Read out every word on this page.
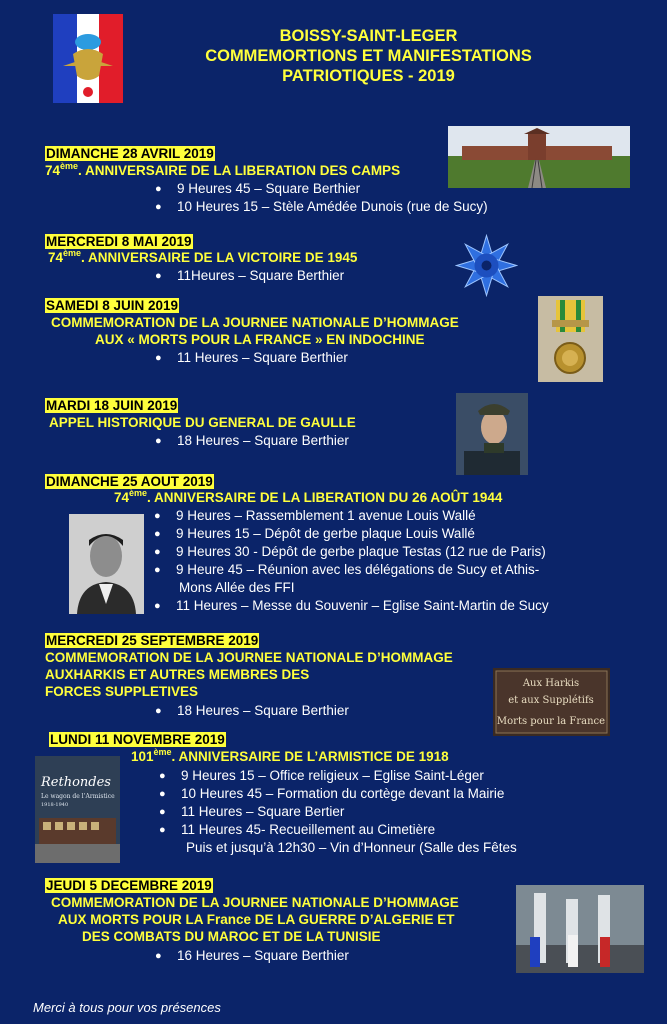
UNC
BOISSY-SAINT-LEGER
COMMEMORTIONS ET MANIFESTATIONS
PATRIOTIQUES - 2019
DIMANCHE 28 AVRIL 2019
74ème. ANNIVERSAIRE DE LA LIBERATION DES CAMPS
● 9 Heures 45 – Square Berthier
● 10 Heures 15 – Stèle Amédée Dunois (rue de Sucy)
MERCREDI 8 MAI 2019
74ème. ANNIVERSAIRE DE LA VICTOIRE DE 1945
● 11Heures – Square Berthier
SAMEDI 8 JUIN 2019
COMMEMORATION DE LA JOURNEE NATIONALE D’HOMMAGE
AUX « MORTS POUR LA FRANCE » EN INDOCHINE
● 11 Heures – Square Berthier
MARDI 18 JUIN 2019
APPEL HISTORIQUE DU GENERAL DE GAULLE
● 18 Heures – Square Berthier
DIMANCHE 25 AOUT 2019
74ème. ANNIVERSAIRE DE LA LIBERATION DU 26 AOÛT 1944
● 9 Heures – Rassemblement 1 avenue Louis Wallé
● 9 Heures 15 – Dépôt de gerbe plaque Louis Wallé
● 9 Heures 30 - Dépôt de gerbe plaque Testas (12 rue de Paris)
● 9 Heure 45 – Réunion avec les délégations de Sucy et Athis-
Mons Allée des FFI
● 11 Heures – Messe du Souvenir – Eglise Saint-Martin de Sucy
MERCREDI 25 SEPTEMBRE 2019
COMMEMORATION DE LA JOURNEE NATIONALE D’HOMMAGE
AUXHARKIS ET AUTRES MEMBRES DES
FORCES SUPPLETIVES
● 18 Heures – Square Berthier
Aux Harkis
et aux Supplétifs
Morts pour la France
LUNDI 11 NOVEMBRE 2019
101ème. ANNIVERSAIRE DE L’ARMISTICE DE 1918
● 9 Heures 15 – Office religieux – Eglise Saint-Léger
● 10 Heures 45 – Formation du cortège devant la Mairie
● 11 Heures – Square Bertier
● 11 Heures 45- Recueillement au Cimetière
Puis et jusqu’à 12h30 – Vin d’Honneur (Salle des Fêtes
Rethondes
Le wagon de l’Armistice
1918-1940
JEUDI 5 DECEMBRE 2019
COMMEMORATION DE LA JOURNEE NATIONALE D’HOMMAGE
AUX MORTS POUR LA France DE LA GUERRE D’ALGERIE ET
DES COMBATS DU MAROC ET DE LA TUNISIE
● 16 Heures – Square Berthier
Merci à tous pour vos présences
